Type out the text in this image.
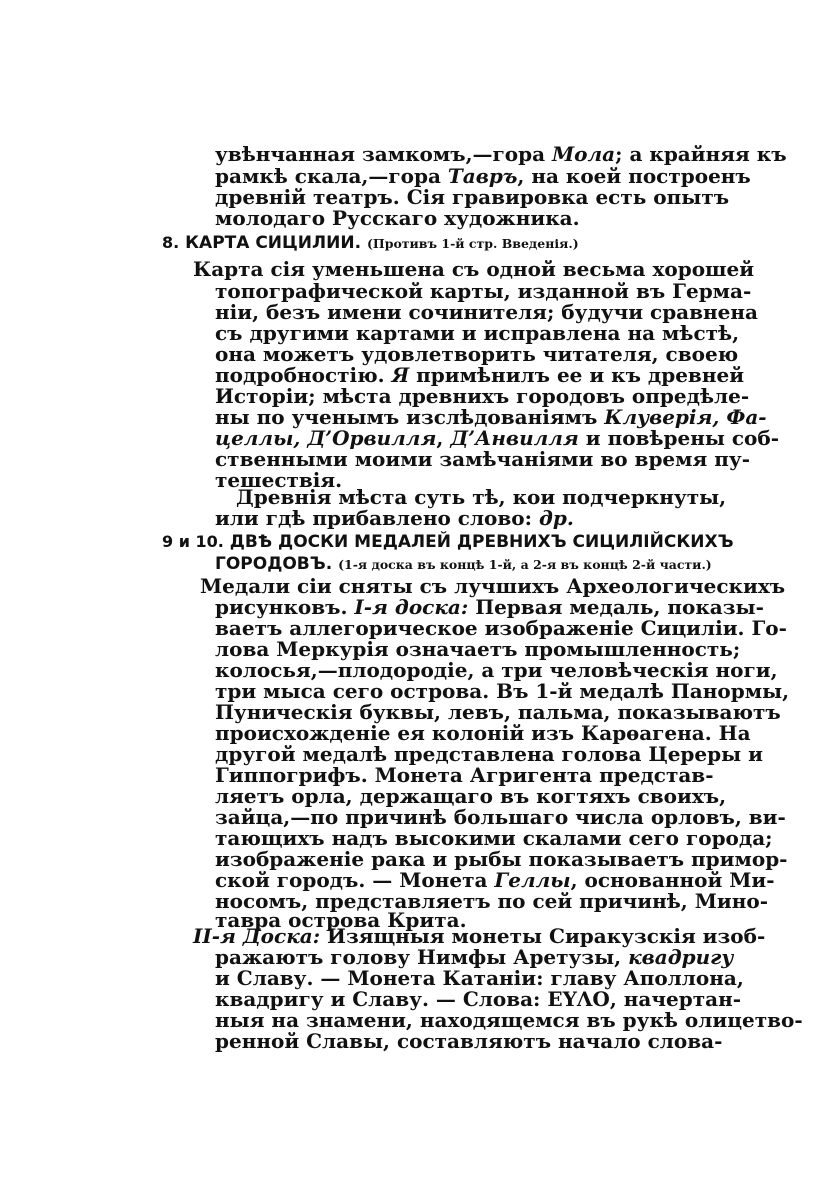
увѣнчанная замкомъ,—гора Мола; а крайняя къ
рамкѣ скала,—гора Тавръ, на коей построенъ
древній театръ. Сія гравировка есть опытъ
молодаго Русскаго художника.
8. КАРТА СИЦИЛИИ. (Противъ 1-й стр. Введенія.)
Карта сія уменьшена съ одной весьма хорошей
топографической карты, изданной въ Герма-
ніи, безъ имени сочинителя; будучи сравнена
съ другими картами и исправлена на мѣстѣ,
она можетъ удовлетворить читателя, своею
подробностію. Я примѣнилъ ее и къ древней
Исторіи; мѣста древнихъ городовъ опредѣле-
ны по ученымъ изслѣдованіямъ Клуверія, Фа-
целлы, Д’Орвилля, Д’Анвилля и повѣрены соб-
ственными моими замѣчаніями во время пу-
тешествія.
Древнія мѣста суть тѣ, кои подчеркнуты,
или гдѣ прибавлено слово: др.
9 и 10. ДВѢ ДОСКИ МЕДАЛЕЙ ДРЕВНИХЪ СИЦИЛІЙСКИХЪ
ГОРОДОВЪ. (1-я доска въ концѣ 1-й, а 2-я въ концѣ 2-й части.)
Медали сіи сняты съ лучшихъ Археологическихъ
рисунковъ. I-я доска: Первая медаль, показы-
ваетъ аллегорическое изображеніе Сициліи. Го-
лова Меркурія означаетъ промышленность;
колосья,—плодородіе, а три человѣческія ноги,
три мыса сего острова. Въ 1-й медалѣ Панормы,
Пуническія буквы, левъ, пальма, показываютъ
происхожденіе ея колоній изъ Карѳагена. На
другой медалѣ представлена голова Цереры и
Гиппогрифъ. Монета Агригента представ-
ляетъ орла, держащаго въ когтяхъ своихъ,
зайца,—по причинѣ большаго числа орловъ, ви-
тающихъ надъ высокими скалами сего города;
изображеніе рака и рыбы показываетъ примор-
ской городъ. — Монета Геллы, основанной Ми-
носомъ, представляетъ по сей причинѣ, Мино-
тавра острова Крита.
II-я Доска: Изящныя монеты Сиракузскія изоб-
ражаютъ голову Нимфы Аретузы, квадригу
и Славу. — Монета Катаніи: главу Аполлона,
квадригу и Славу. — Слова: ΕΥΛΟ, начертан-
ныя на знамени, находящемся въ рукѣ олицетво-
ренной Славы, составляютъ начало слова-
